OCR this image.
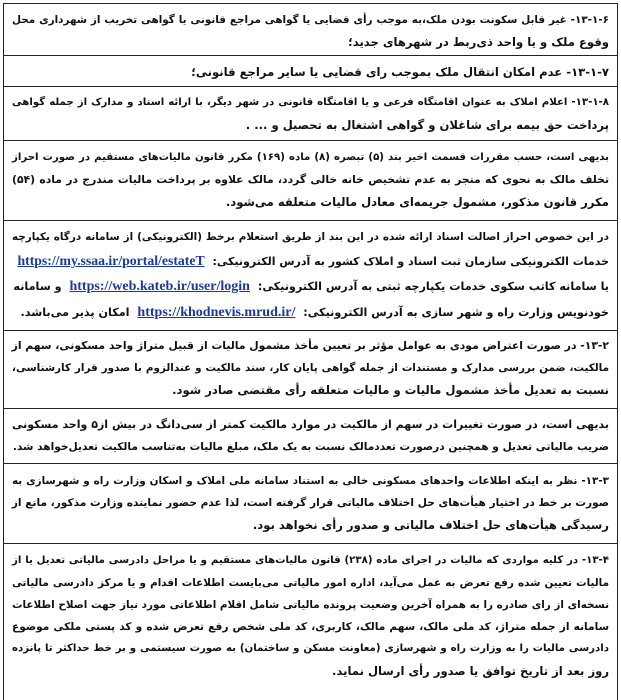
۱۳-۱-۶- غیر قابل سکونت بودن ملک،به موجب رأی قضایی یا گواهی مراجع قانونی یا گواهی تخریب از شهرداری محل
وقوع ملک و یا واحد ذی‌ربط در شهرهای جدید؛
۱۳-۱-۷- عدم امکان انتقال ملک بموجب رای قضایی یا سایر مراجع قانونی؛
۱۳-۱-۸- اعلام املاک به عنوان اقامتگاه فرعی و یا اقامتگاه قانونی در شهر دیگر، با ارائه اسناد و مدارک از جمله گواهی
پرداخت حق بیمه برای شاغلان و گواهی اشتغال به تحصیل و ... .
بدیهی است، حسب مقررات قسمت اخیر بند (۵) تبصره (۸) ماده (۱۶۹) مکرر قانون مالیات‌های مستقیم در صورت احراز
تخلف مالک به نحوی که منجر به عدم تشخیص خانه خالی گردد، مالک علاوه بر پرداخت مالیات مندرج در ماده (۵۴)
مکرر قانون مذکور، مشمول جریمه‌ای معادل مالیات متعلقه می‌شود.
در این خصوص احراز اصالت اسناد ارائه شده در این بند از طریق استعلام برخط (الکترونیکی) از سامانه درگاه یکپارچه
خدمات الکترونیکی سازمان ثبت اسناد و املاک کشور به آدرس الکترونیکی: https://my.ssaa.ir/portal/estateT
یا سامانه کاتب سکوی خدمات یکپارچه ثبتی به آدرس الکترونیکی: https://web.kateb.ir/user/login و سامانه
خودنویس وزارت راه و شهر سازی به آدرس الکترونیکی: https://khodnevis.mrud.ir/ امکان پذیر می‌باشد.
۱۳-۲- در صورت اعتراض مودی به عوامل مؤثر بر تعیین مأخذ مشمول مالیات از قبیل متراژ واحد مسکونی، سهم از
مالکیت، ضمن بررسی مدارک و مستندات از جمله گواهی پایان کار، سند مالکیت و عندالزوم با صدور قرار کارشناسی،
نسبت به تعدیل مأخذ مشمول مالیات و مالیات متعلقه رأی مقتضی صادر شود.
بدیهی است، در صورت تغییرات در سهم از مالکیت در موارد مالکیت کمتر از سی‌دانگ در بیش از۵ واحد مسکونی
ضریب مالیاتی تعدیل و همچنین درصورت تعددمالک نسبت به یک ملک، مبلغ مالیات به‌تناسب مالکیت تعدیل‌خواهد شد.
۱۳-۳- نظر به اینکه اطلاعات واحدهای مسکونی خالی به استناد سامانه ملی املاک و اسکان وزارت راه و شهرسازی به
صورت بر خط در اختیار هیأت‌های حل اختلاف مالیاتی قرار گرفته است، لذا عدم حضور نماینده وزارت مذکور، مانع از
رسیدگی هیأت‌های حل اختلاف مالیاتی و صدور رأی نخواهد بود.
۱۳-۴- در کلیه مواردی که مالیات در اجرای ماده (۲۳۸) قانون مالیات‌های مستقیم و یا مراحل دادرسی مالیاتی تعدیل یا از
مالیات تعیین شده رفع تعرض به عمل می‌آید، اداره امور مالیاتی می‌بایست اطلاعات اقدام و یا مرکز دادرسی مالیاتی
نسخه‌ای از رای صادره را به همراه آخرین وضعیت پرونده مالیاتی شامل اقلام اطلاعاتی مورد نیاز جهت اصلاح اطلاعات
سامانه از جمله متراژ، کد ملی مالک، سهم مالک، کاربری، کد ملی شخص رفع تعرض شده و کد پستی ملکی موضوع
دادرسی مالیات را به وزارت راه و شهرسازی (معاونت مسکن و ساختمان) به صورت سیستمی و بر خط حداکثر تا پانزده
روز بعد از تاریخ توافق یا صدور رأی ارسال نماید.
